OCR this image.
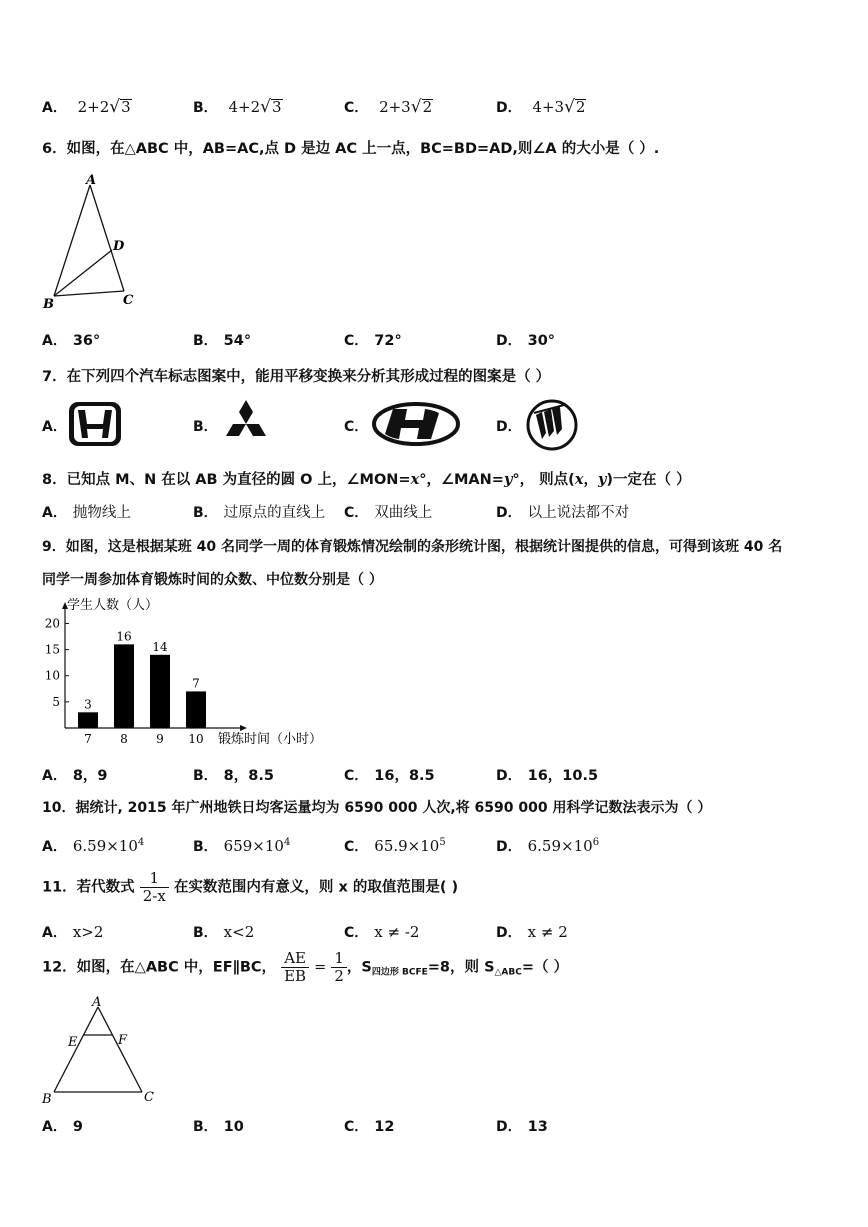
A． 2+2√3	B． 4+2√3	C． 2+3√2	D． 4+3√2
6．如图，在△ABC 中，AB=AC,点 D 是边 AC 上一点，BC=BD=AD,则∠A 的大小是（ ）.
A
D
B	C
A． 36°	B． 54°	C． 72°	D． 30°
7．在下列四个汽车标志图案中，能用平移变换来分析其形成过程的图案是（ ）
A．	B．	C．	D．
8．已知点 M、N 在以 AB 为直径的圆 O 上，∠MON=x°，∠MAN=y°， 则点(x，y)一定在（ ）
A． 抛物线上	B． 过原点的直线上 C． 双曲线上	D． 以上说法都不对
9．如图，这是根据某班 40 名同学一周的体育锻炼情况绘制的条形统计图，根据统计图提供的信息，可得到该班 40 名
同学一周参加体育锻炼时间的众数、中位数分别是（ ）
学生人数（人）
5
10
15
20
3
7
16
8
14
9
7
10 锻炼时间（小时）
A． 8，9	B． 8，8.5	C． 16，8.5	D． 16，10.5
10．据统计, 2015 年广州地铁日均客运量均为 6590 000 人次,将 6590 000 用科学记数法表示为（ ）
A． $6.59\times 10^4$	B． $659\times 10^4$	C． $65.9\times 10^5$	D． $6.59\times 10^6$
11．若代数式 $\frac{1}{2-x}$ 在实数范围内有意义，则 x 的取值范围是( )
A． x>2	B． x<2	C． x ≠ -2	D． x ≠ 2
12．如图，在△ABC 中，EF∥BC， $\frac{AE}{EB} = \frac{1}{2}$ ，$S_{四边形 BCFE}=8$，则 $S_{\triangle ABC}=$（ ）
A
E	F
B	C
A． 9	B． 10	C． 12	D． 13
